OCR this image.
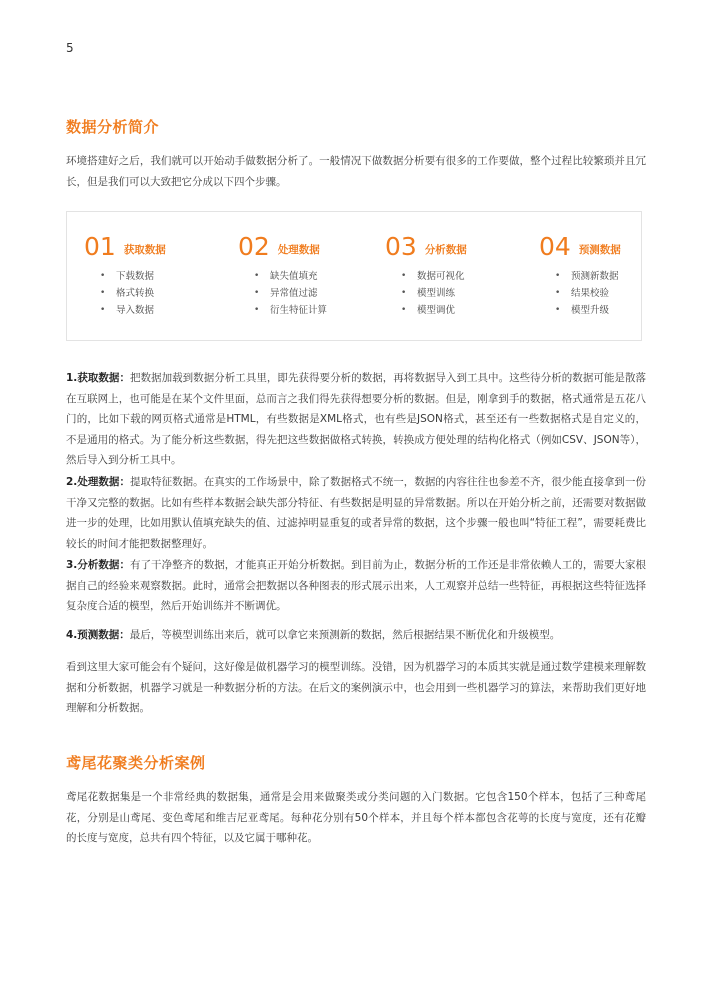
5
数据分析简介

环境搭建好之后，我们就可以开始动手做数据分析了。一般情况下做数据分析要有很多的工作要做，整个过程比较繁琐并且冗长，但是我们可以大致把它分成以下四个步骤。

01 获取数据
• 下载数据
• 格式转换
• 导入数据
02 处理数据
• 缺失值填充
• 异常值过滤
• 衍生特征计算
03 分析数据
• 数据可视化
• 模型训练
• 模型调优
04 预测数据
• 预测新数据
• 结果校验
• 模型升级

1.获取数据：把数据加载到数据分析工具里，即先获得要分析的数据，再将数据导入到工具中。这些待分析的数据可能是散落在互联网上，也可能是在某个文件里面，总而言之我们得先获得想要分析的数据。但是，刚拿到手的数据，格式通常是五花八门的，比如下载的网页格式通常是HTML，有些数据是XML格式，也有些是JSON格式，甚至还有一些数据格式是自定义的，不是通用的格式。为了能分析这些数据，得先把这些数据做格式转换，转换成方便处理的结构化格式（例如CSV、JSON等），然后导入到分析工具中。

2.处理数据：提取特征数据。在真实的工作场景中，除了数据格式不统一，数据的内容往往也参差不齐，很少能直接拿到一份干净又完整的数据。比如有些样本数据会缺失部分特征、有些数据是明显的异常数据。所以在开始分析之前，还需要对数据做进一步的处理，比如用默认值填充缺失的值、过滤掉明显重复的或者异常的数据，这个步骤一般也叫“特征工程”，需要耗费比较长的时间才能把数据整理好。

3.分析数据：有了干净整齐的数据，才能真正开始分析数据。到目前为止，数据分析的工作还是非常依赖人工的，需要大家根据自己的经验来观察数据。此时，通常会把数据以各种图表的形式展示出来，人工观察并总结一些特征，再根据这些特征选择复杂度合适的模型，然后开始训练并不断调优。

4.预测数据：最后，等模型训练出来后，就可以拿它来预测新的数据，然后根据结果不断优化和升级模型。

看到这里大家可能会有个疑问，这好像是做机器学习的模型训练。没错，因为机器学习的本质其实就是通过数学建模来理解数据和分析数据，机器学习就是一种数据分析的方法。在后文的案例演示中，也会用到一些机器学习的算法，来帮助我们更好地理解和分析数据。

鸢尾花聚类分析案例

鸢尾花数据集是一个非常经典的数据集，通常是会用来做聚类或分类问题的入门数据。它包含150个样本，包括了三种鸢尾花，分别是山鸢尾、变色鸢尾和维吉尼亚鸢尾。每种花分别有50个样本，并且每个样本都包含花萼的长度与宽度，还有花瓣的长度与宽度，总共有四个特征，以及它属于哪种花。
